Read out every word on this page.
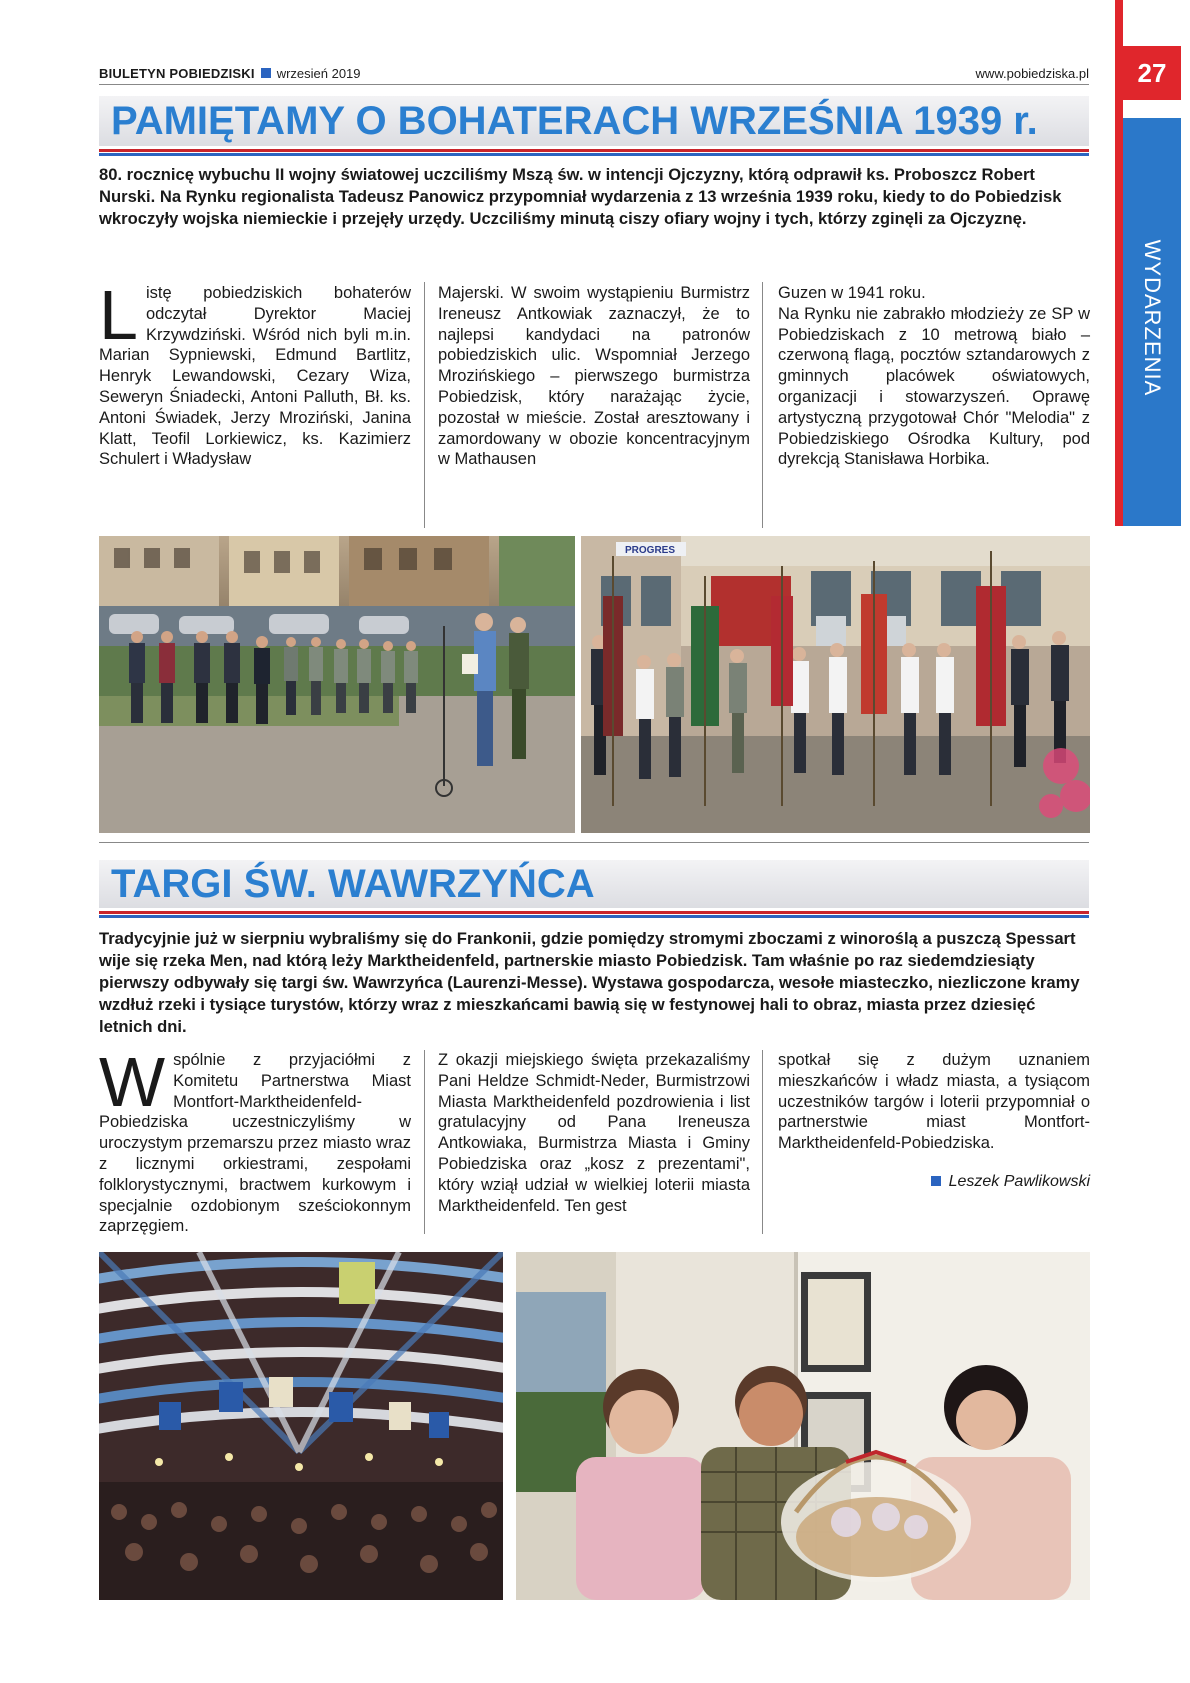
BIULETYN POBIEDZISKI wrzesień 2019	www.pobiedziska.pl	27
WYDARZENIA
PAMIĘTAMY O BOHATERACH WRZEŚNIA 1939 r.
80. rocznicę wybuchu II wojny światowej uczciliśmy Mszą św. w intencji Ojczyzny, którą odprawił ks. Proboszcz Robert Nurski. Na Rynku regionalista Tadeusz Panowicz przypomniał wydarzenia z 13 września 1939 roku, kiedy to do Pobiedzisk wkroczyły wojska niemieckie i przejęły urzędy. Uczciliśmy minutą ciszy ofiary wojny i tych, którzy zginęli za Ojczyznę.

Listę pobiedziskich bohaterów odczytał Dyrektor Maciej Krzywdziński. Wśród nich byli m.in. Marian Sypniewski, Edmund Bartlitz, Henryk Lewandowski, Cezary Wiza, Seweryn Śniadecki, Antoni Palluth, Bł. ks. Antoni Świadek, Jerzy Mroziński, Janina Klatt, Teofil Lorkiewicz, ks. Kazimierz Schulert i Władysław

Majerski. W swoim wystąpieniu Burmistrz Ireneusz Antkowiak zaznaczył, że to najlepsi kandydaci na patronów pobiedziskich ulic. Wspomniał Jerzego Mrozińskiego – pierwszego burmistrza Pobiedzisk, który narażając życie, pozostał w mieście. Został aresztowany i zamordowany w obozie koncentracyjnym w Mathausen

Guzen w 1941 roku.

Na Rynku nie zabrakło młodzieży ze SP w Pobiedziskach z 10 metrową biało – czerwoną flagą, pocztów sztandarowych z gminnych placówek oświatowych, organizacji i stowarzyszeń. Oprawę artystyczną przygotował Chór "Melodia" z Pobiedziskiego Ośrodka Kultury, pod dyrekcją Stanisława Horbika.

PROGRES
TARGI ŚW. WAWRZYŃCA
Tradycyjnie już w sierpniu wybraliśmy się do Frankonii, gdzie pomiędzy stromymi zboczami z winoroślą a puszczą Spessart wije się rzeka Men, nad którą leży Marktheidenfeld, partnerskie miasto Pobiedzisk. Tam właśnie po raz siedemdziesiąty pierwszy odbywały się targi św. Wawrzyńca (Laurenzi-Messe). Wystawa gospodarcza, wesołe miasteczko, niezliczone kramy wzdłuż rzeki i tysiące turystów, którzy wraz z mieszkańcami bawią się w festynowej hali to obraz, miasta przez dziesięć letnich dni.

Wspólnie z przyjaciółmi z Komitetu Partnerstwa Miast Montfort-Marktheidenfeld-Pobiedziska uczestniczyliśmy w uroczystym przemarszu przez miasto wraz z licznymi orkiestrami, zespołami folklorystycznymi, bractwem kurkowym i specjalnie ozdobionym sześciokonnym zaprzęgiem.

Z okazji miejskiego święta przekazaliśmy Pani Heldze Schmidt-Neder, Burmistrzowi Miasta Marktheidenfeld pozdrowienia i list gratulacyjny od Pana Ireneusza Antkowiaka, Burmistrza Miasta i Gminy Pobiedziska oraz „kosz z prezentami", który wziął udział w wielkiej loterii miasta Marktheidenfeld. Ten gest

spotkał się z dużym uznaniem mieszkańców i władz miasta, a tysiącom uczestników targów i loterii przypomniał o partnerstwie miast Montfort-Marktheidenfeld-Pobiedziska.

Leszek Pawlikowski
